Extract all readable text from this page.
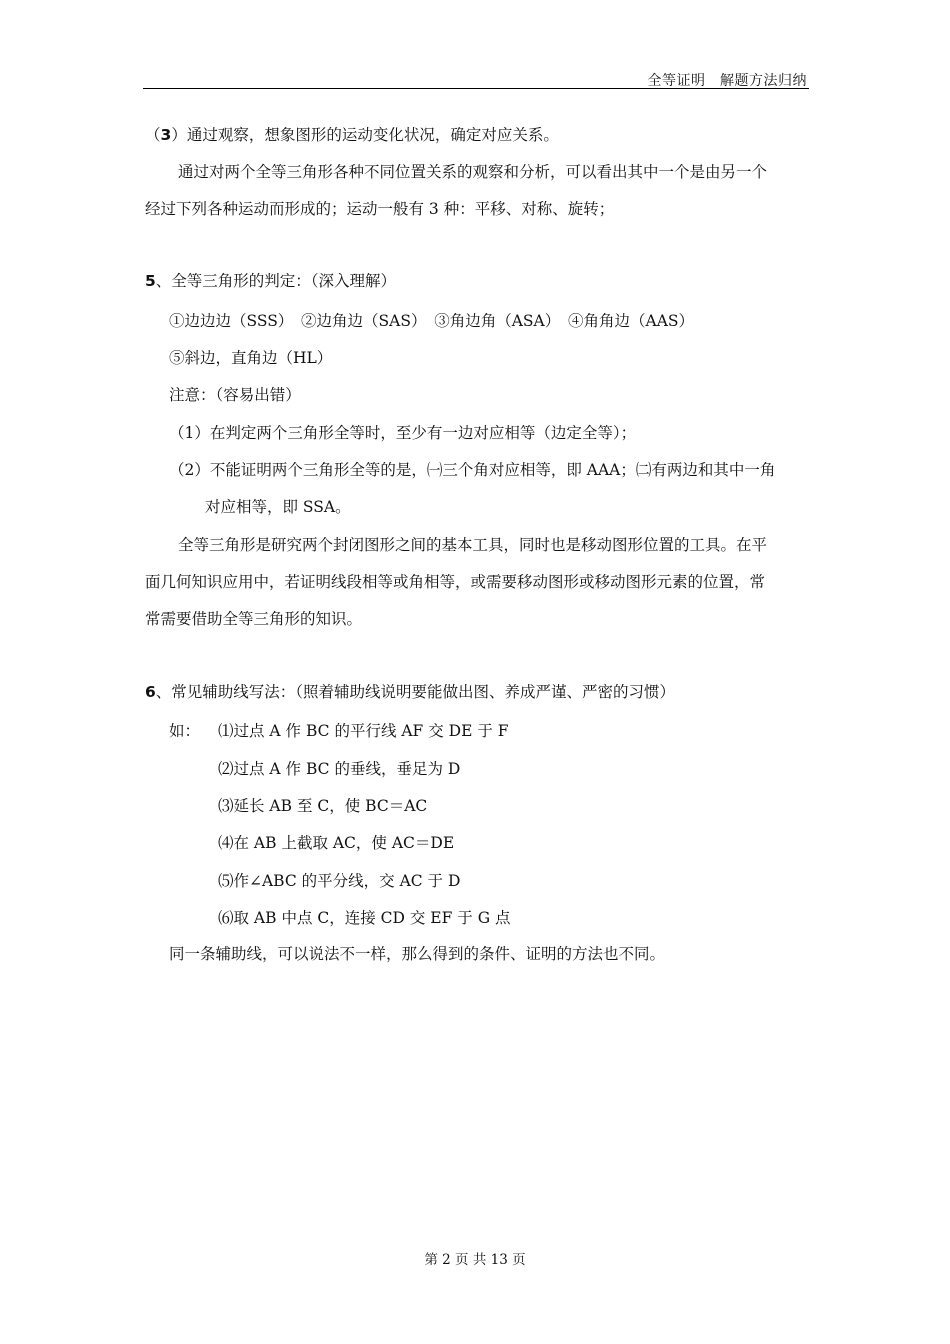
全等证明　解题方法归纳
（3）通过观察，想象图形的运动变化状况，确定对应关系。
通过对两个全等三角形各种不同位置关系的观察和分析，可以看出其中一个是由另一个
经过下列各种运动而形成的；运动一般有 3 种：平移、对称、旋转；
5、全等三角形的判定：（深入理解）
①边边边（SSS）　②边角边（SAS）　③角边角（ASA）　④角角边（AAS）
⑤斜边，直角边（HL）
注意：（容易出错）
（1）在判定两个三角形全等时，至少有一边对应相等（边定全等）；
（2）不能证明两个三角形全等的是，㈠三个角对应相等，即 AAA；㈡有两边和其中一角
对应相等，即 SSA。
全等三角形是研究两个封闭图形之间的基本工具，同时也是移动图形位置的工具。在平
面几何知识应用中，若证明线段相等或角相等，或需要移动图形或移动图形元素的位置，常
常需要借助全等三角形的知识。
6、常见辅助线写法：（照着辅助线说明要能做出图、养成严谨、严密的习惯）
如： ⑴过点 A 作 BC 的平行线 AF 交 DE 于 F
⑵过点 A 作 BC 的垂线，垂足为 D
⑶延长 AB 至 C，使 BC＝AC
⑷在 AB 上截取 AC，使 AC＝DE
⑸作∠ABC 的平分线，交 AC 于 D
⑹取 AB 中点 C，连接 CD 交 EF 于 G 点
同一条辅助线，可以说法不一样，那么得到的条件、证明的方法也不同。
第 2 页 共 13 页
